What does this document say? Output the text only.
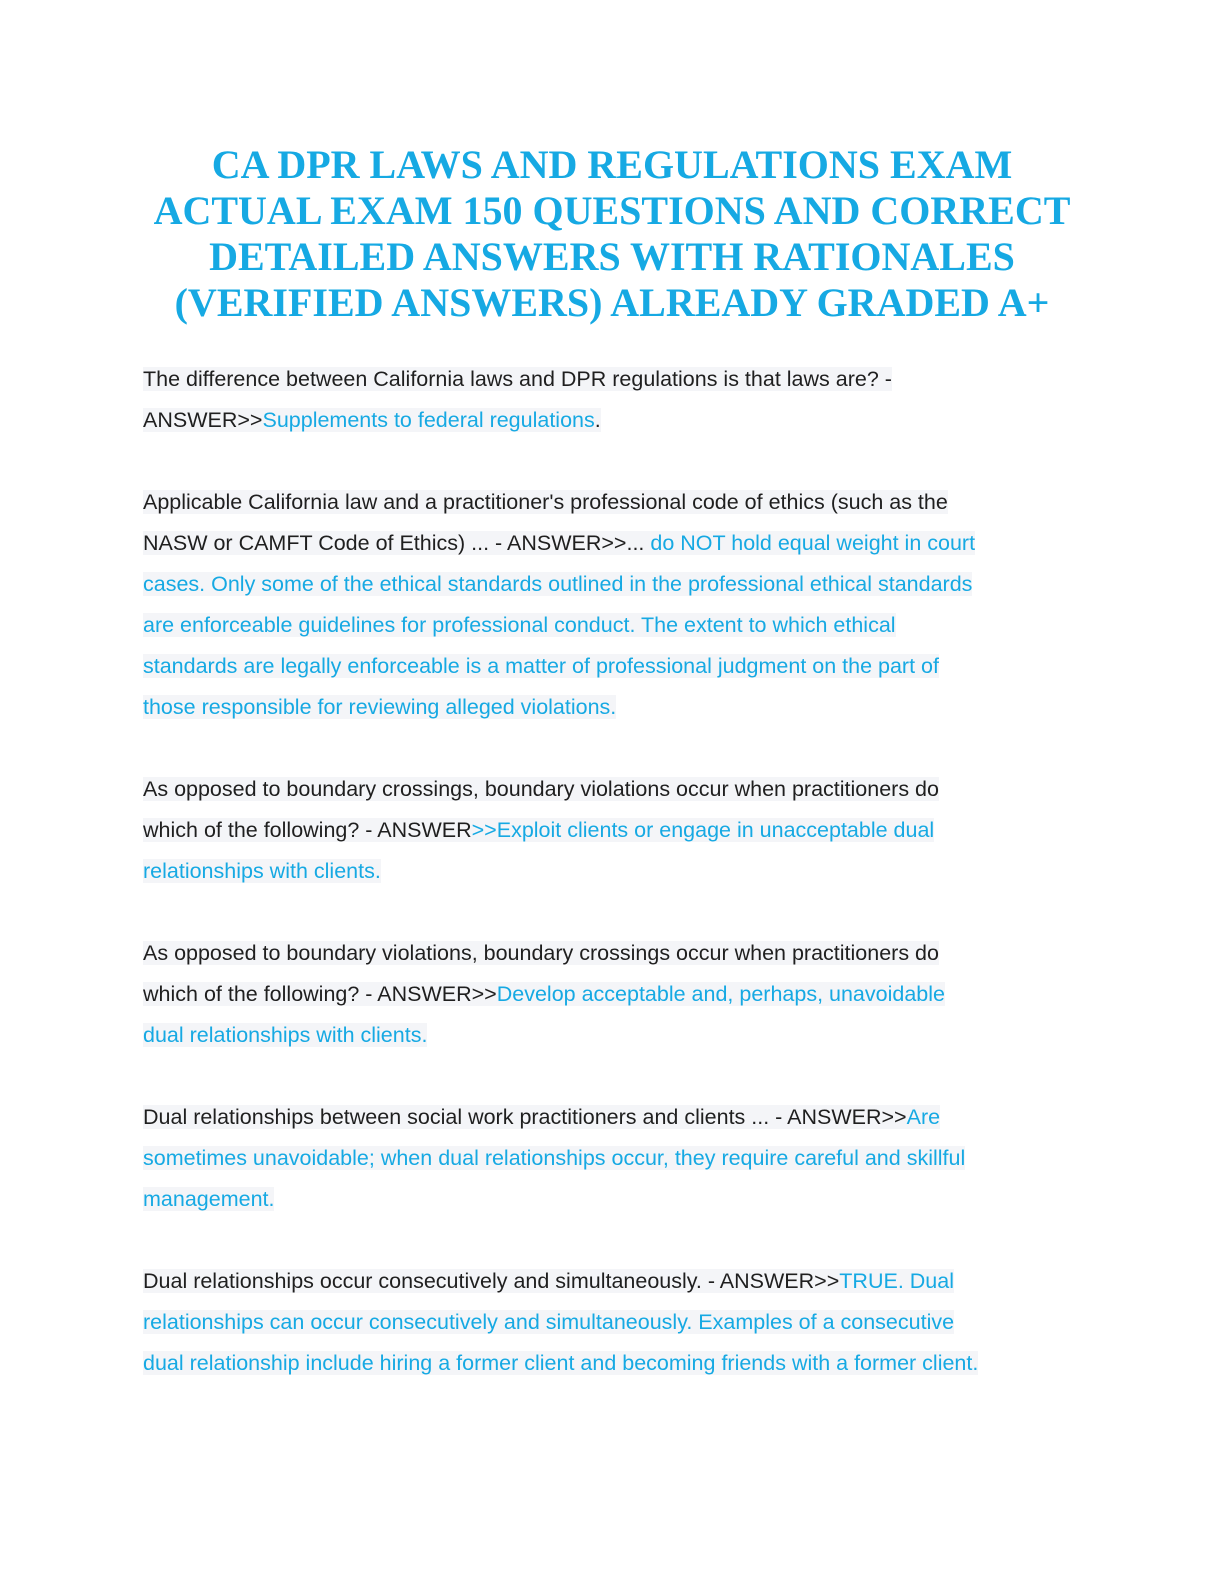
CA DPR LAWS AND REGULATIONS EXAM
ACTUAL EXAM 150 QUESTIONS AND CORRECT
DETAILED ANSWERS WITH RATIONALES
(VERIFIED ANSWERS) ALREADY GRADED A+
The difference between California laws and DPR regulations is that laws are? -
ANSWER>>Supplements to federal regulations.
Applicable California law and a practitioner's professional code of ethics (such as the
NASW or CAMFT Code of Ethics) ... - ANSWER>>... do NOT hold equal weight in court
cases. Only some of the ethical standards outlined in the professional ethical standards
are enforceable guidelines for professional conduct. The extent to which ethical
standards are legally enforceable is a matter of professional judgment on the part of
those responsible for reviewing alleged violations.
As opposed to boundary crossings, boundary violations occur when practitioners do
which of the following? - ANSWER>>Exploit clients or engage in unacceptable dual
relationships with clients.
As opposed to boundary violations, boundary crossings occur when practitioners do
which of the following? - ANSWER>>Develop acceptable and, perhaps, unavoidable
dual relationships with clients.
Dual relationships between social work practitioners and clients ... - ANSWER>>Are
sometimes unavoidable; when dual relationships occur, they require careful and skillful
management.
Dual relationships occur consecutively and simultaneously. - ANSWER>>TRUE. Dual
relationships can occur consecutively and simultaneously. Examples of a consecutive
dual relationship include hiring a former client and becoming friends with a former client.
